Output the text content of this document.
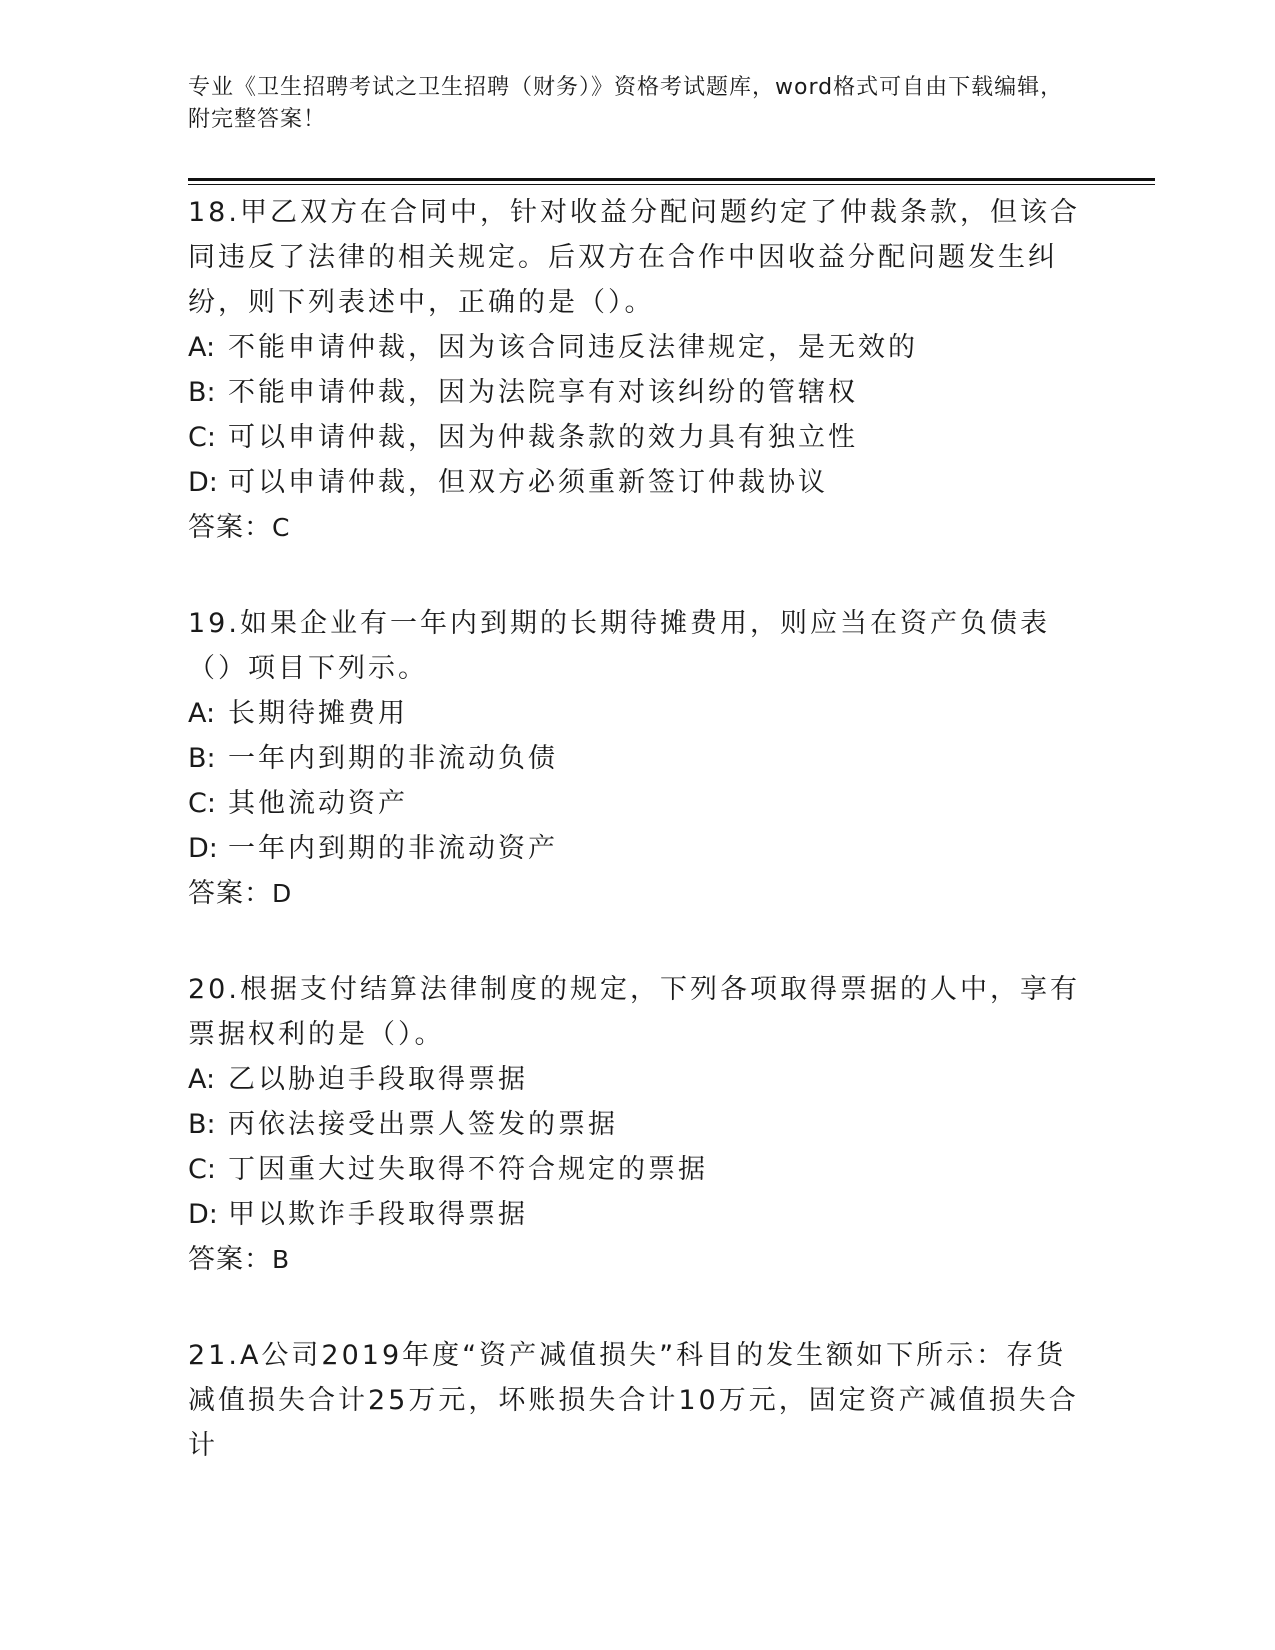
专业《卫生招聘考试之卫生招聘（财务）》资格考试题库，word格式可自由下载编辑，附完整答案！

18.甲乙双方在合同中，针对收益分配问题约定了仲裁条款，但该合同违反了法律的相关规定。后双方在合作中因收益分配问题发生纠纷，则下列表述中，正确的是（）。

A: 不能申请仲裁，因为该合同违反法律规定，是无效的
B: 不能申请仲裁，因为法院享有对该纠纷的管辖权
C: 可以申请仲裁，因为仲裁条款的效力具有独立性
D: 可以申请仲裁，但双方必须重新签订仲裁协议
答案：C

19.如果企业有一年内到期的长期待摊费用，则应当在资产负债表（）项目下列示。

A: 长期待摊费用
B: 一年内到期的非流动负债
C: 其他流动资产
D: 一年内到期的非流动资产
答案：D

20.根据支付结算法律制度的规定，下列各项取得票据的人中，享有票据权利的是（）。

A: 乙以胁迫手段取得票据
B: 丙依法接受出票人签发的票据
C: 丁因重大过失取得不符合规定的票据
D: 甲以欺诈手段取得票据
答案：B

21.A公司2019年度“资产减值损失”科目的发生额如下所示：存货减值损失合计25万元，坏账损失合计10万元，固定资产减值损失合计
